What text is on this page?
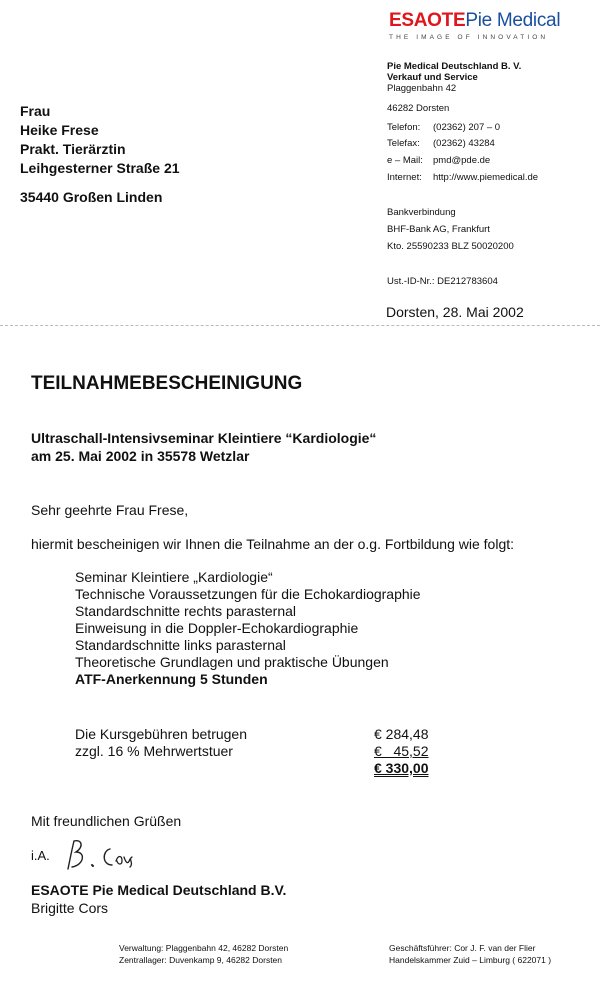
ESAOTEPie Medical
THE IMAGE OF INNOVATION
Pie Medical Deutschland B. V.
Verkauf und Service
Plaggenbahn 42
46282 Dorsten
Telefon: (02362) 207 – 0
Telefax: (02362) 43284
e – Mail: pmd@pde.de
Internet: http://www.piemedical.de
Bankverbindung
BHF-Bank AG, Frankfurt
Kto. 25590233 BLZ 50020200
Ust.-ID-Nr.: DE212783604
Frau
Heike Frese
Prakt. Tierärztin
Leihgesterner Straße 21
35440 Großen Linden
Dorsten, 28. Mai 2002
TEILNAHMEBESCHEINIGUNG
Ultraschall-Intensivseminar Kleintiere “Kardiologie“
am 25. Mai 2002 in 35578 Wetzlar
Sehr geehrte Frau Frese,
hiermit bescheinigen wir Ihnen die Teilnahme an der o.g. Fortbildung wie folgt:
Seminar Kleintiere „Kardiologie“
Technische Voraussetzungen für die Echokardiographie
Standardschnitte rechts parasternal
Einweisung in die Doppler-Echokardiographie
Standardschnitte links parasternal
Theoretische Grundlagen und praktische Übungen
ATF-Anerkennung 5 Stunden
Die Kursgebühren betrugen	€ 284,48
zzgl. 16 % Mehrwertstuer	€   45,52
€ 330,00
Mit freundlichen Grüßen
i.A.
ESAOTE Pie Medical Deutschland B.V.
Brigitte Cors
Verwaltung: Plaggenbahn 42, 46282 Dorsten
Zentrallager: Duvenkamp 9, 46282 Dorsten
Geschäftsführer: Cor J. F. van der Flier
Handelskammer Zuid – Limburg ( 622071 )
